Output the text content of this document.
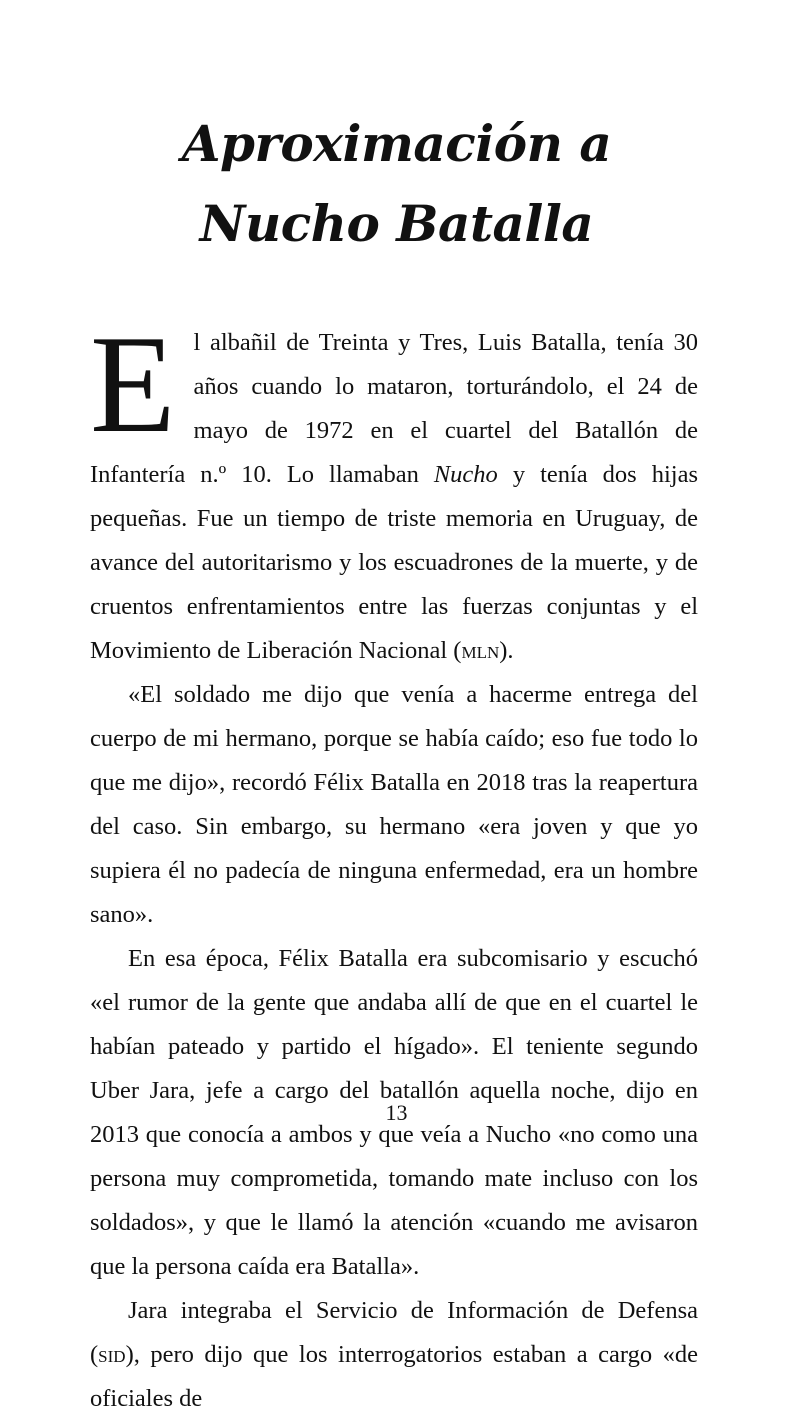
Aproximación a
Nucho Batalla

El albañil de Treinta y Tres, Luis Batalla, tenía 30 años cuando lo mataron, torturándolo, el 24 de mayo de 1972 en el cuartel del Batallón de Infantería n.º 10. Lo llamaban Nucho y tenía dos hijas pequeñas. Fue un tiempo de triste memoria en Uruguay, de avance del autoritarismo y los escuadrones de la muerte, y de cruentos enfrentamientos entre las fuerzas conjuntas y el Movimiento de Liberación Nacional (mln).

«El soldado me dijo que venía a hacerme entrega del cuerpo de mi hermano, porque se había caído; eso fue todo lo que me dijo», recordó Félix Batalla en 2018 tras la reapertura del caso. Sin embargo, su hermano «era joven y que yo supiera él no padecía de ninguna enfermedad, era un hombre sano».

En esa época, Félix Batalla era subcomisario y escuchó «el rumor de la gente que andaba allí de que en el cuartel le habían pateado y partido el hígado». El teniente segundo Uber Jara, jefe a cargo del batallón aquella noche, dijo en 2013 que conocía a ambos y que veía a Nucho «no como una persona muy comprometida, tomando mate incluso con los soldados», y que le llamó la atención «cuando me avisaron que la persona caída era Batalla».

Jara integraba el Servicio de Información de Defensa (sid), pero dijo que los interrogatorios estaban a cargo «de oficiales de

13
